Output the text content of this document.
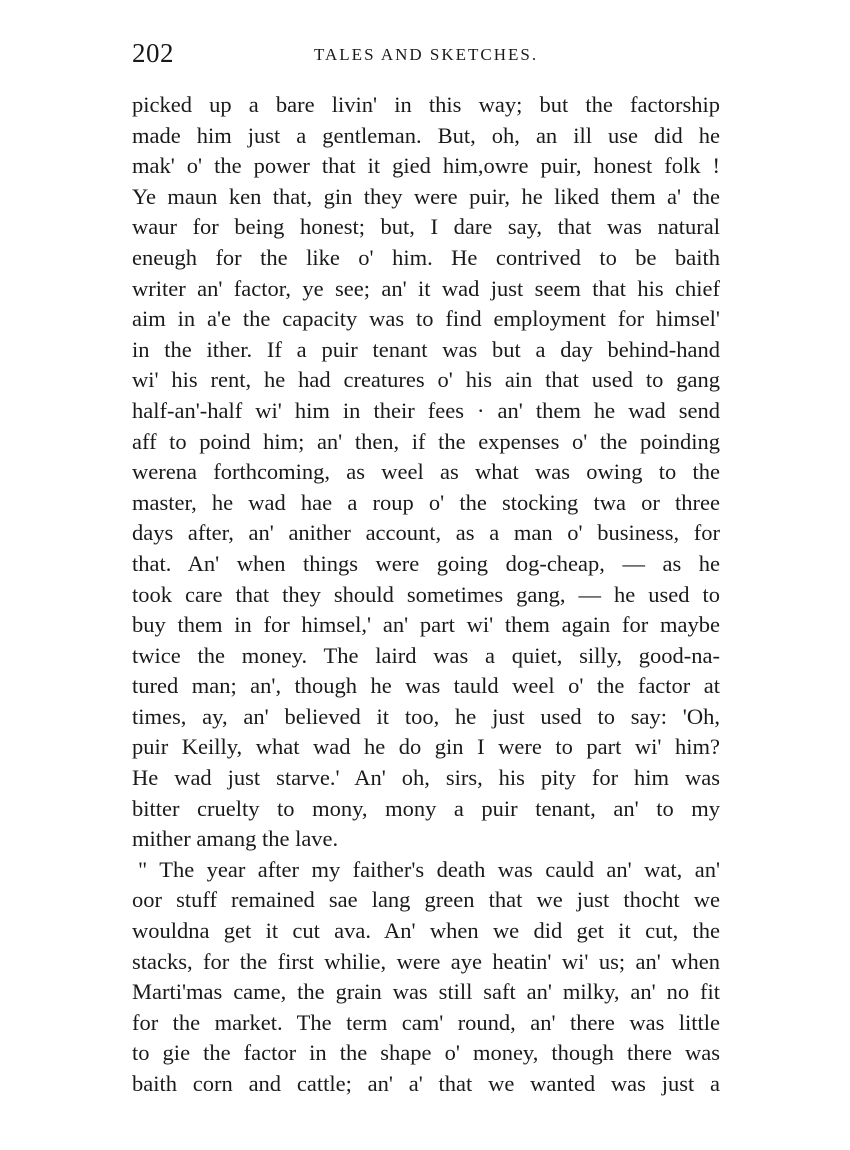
202	TALES AND SKETCHES.
picked up a bare livin' in this way; but the factorship
made him just a gentleman. But, oh, an ill use did he
mak' o' the power that it gied him,owre puir, honest folk !
Ye maun ken that, gin they were puir, he liked them a' the
waur for being honest; but, I dare say, that was natural
eneugh for the like o' him. He contrived to be baith
writer an' factor, ye see; an' it wad just seem that his chief
aim in a'e the capacity was to find employment for himsel'
in the ither. If a puir tenant was but a day behind-hand
wi' his rent, he had creatures o' his ain that used to gang
half-an'-half wi' him in their fees · an' them he wad send
aff to poind him; an' then, if the expenses o' the poinding
werena forthcoming, as weel as what was owing to the
master, he wad hae a roup o' the stocking twa or three
days after, an' anither account, as a man o' business, for
that. An' when things were going dog-cheap, — as he
took care that they should sometimes gang, — he used to
buy them in for himsel,' an' part wi' them again for maybe
twice the money. The laird was a quiet, silly, good-na-
tured man; an', though he was tauld weel o' the factor at
times, ay, an' believed it too, he just used to say: 'Oh,
puir Keilly, what wad he do gin I were to part wi' him?
He wad just starve.' An' oh, sirs, his pity for him was
bitter cruelty to mony, mony a puir tenant, an' to my
mither amang the lave.
" The year after my faither's death was cauld an' wat, an'
oor stuff remained sae lang green that we just thocht we
wouldna get it cut ava. An' when we did get it cut, the
stacks, for the first whilie, were aye heatin' wi' us; an' when
Marti'mas came, the grain was still saft an' milky, an' no fit
for the market. The term cam' round, an' there was little
to gie the factor in the shape o' money, though there was
baith corn and cattle; an' a' that we wanted was just a
